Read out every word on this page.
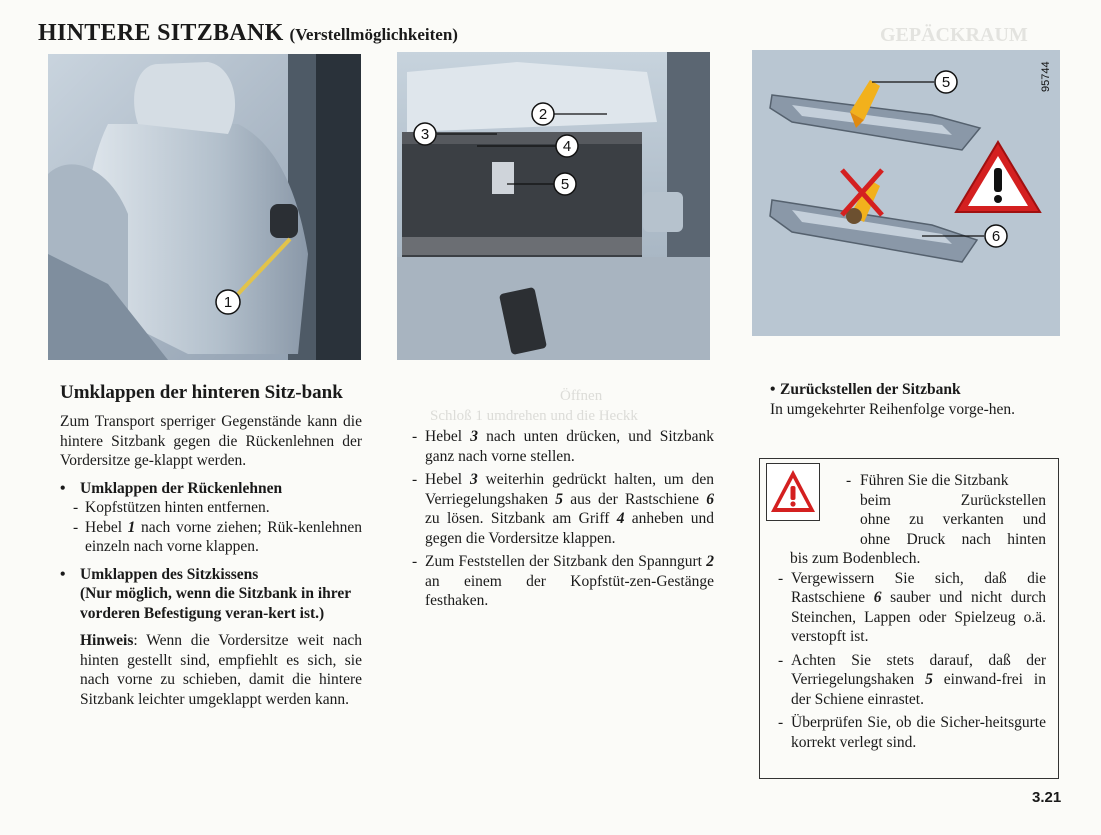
HINTERE SITZBANK (Verstellmöglichkeiten)	GEPÄCKRAUM
1
3
2
4
5
5
6
95744
Öffnen
Schloß 1 umdrehen und die Heckk
Umklappen der hinteren Sitz-bank

Zum Transport sperriger Gegenstände kann die hintere Sitzbank gegen die Rückenlehnen der Vordersitze ge-klappt werden.

• Umklappen der Rückenlehnen
- Kopfstützen hinten entfernen.
- Hebel 1 nach vorne ziehen; Rük-kenlehnen einzeln nach vorne klappen.
• Umklappen des Sitzkissens
(Nur möglich, wenn die Sitzbank in ihrer vorderen Befestigung veran-kert ist.)

Hinweis: Wenn die Vordersitze weit nach hinten gestellt sind, empfiehlt es sich, sie nach vorne zu schieben, damit die hintere Sitzbank leichter umgeklappt werden kann.

- Hebel 3 nach unten drücken, und Sitzbank ganz nach vorne stellen.
- Hebel 3 weiterhin gedrückt halten, um den Verriegelungshaken 5 aus der Rastschiene 6 zu lösen. Sitzbank am Griff 4 anheben und gegen die Vordersitze klappen.
- Zum Feststellen der Sitzbank den Spanngurt 2 an einem der Kopfstüt-zen-Gestänge festhaken.
• Zurückstellen der Sitzbank

In umgekehrter Reihenfolge vorge-hen.

- Führen Sie die Sitzbank
beim Zurückstellen
ohne zu verkanten und
ohne Druck nach hinten
bis zum Bodenblech.
- Vergewissern Sie sich, daß die Rastschiene 6 sauber und nicht durch Steinchen, Lappen oder Spielzeug o.ä. verstopft ist.
- Achten Sie stets darauf, daß der Verriegelungshaken 5 einwand-frei in der Schiene einrastet.
- Überprüfen Sie, ob die Sicher-heitsgurte korrekt verlegt sind.
3.21
